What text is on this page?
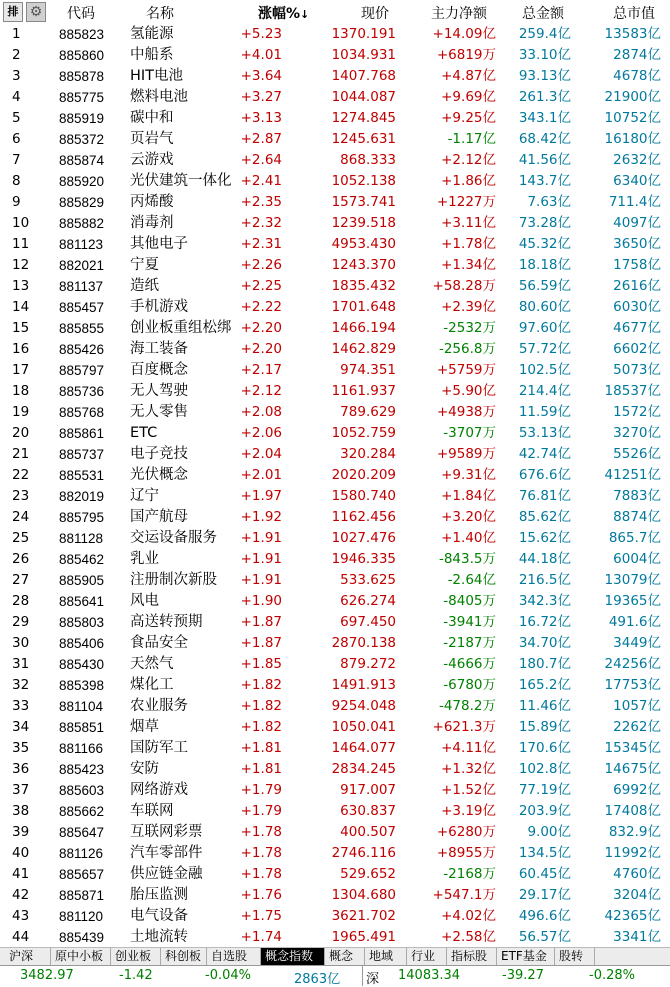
排 ⚙ 代码	名称	涨幅%↓	现价	主力净额	总金额	总市值
1	885823 氢能源	+5.23	1370.191	+14.09亿 259.4亿 13583亿
2	885860 中船系	+4.01	1034.931	+6819万 33.10亿	2874亿
3	885878 HIT电池	+3.64	1407.768	+4.87亿 93.13亿	4678亿
4	885775 燃料电池	+3.27	1044.087	+9.69亿 261.3亿 21900亿
5	885919 碳中和	+3.13	1274.845	+9.25亿 343.1亿 10752亿
6	885372 页岩气	+2.87	1245.631	-1.17亿 68.42亿 16180亿
7	885874 云游戏	+2.64	868.333	+2.12亿 41.56亿	2632亿
8	885920 光伏建筑一体化 +2.41	1052.138	+1.86亿 143.7亿	6340亿
9	885829 丙烯酸	+2.35	1573.741	+1227万 7.63亿	711.4亿
10 885882 消毒剂	+2.32	1239.518	+3.11亿 73.28亿	4097亿
11 881123 其他电子	+2.31	4953.430	+1.78亿 45.32亿	3650亿
12 882021 宁夏	+2.26	1243.370	+1.34亿 18.18亿	1758亿
13 881137 造纸	+2.25	1835.432	+58.28万 56.59亿	2616亿
14 885457 手机游戏	+2.22	1701.648	+2.39亿 80.60亿	6030亿
15 885855 创业板重组松绑 +2.20	1466.194	-2532万 97.60亿	4677亿
16 885426 海工装备	+2.20	1462.829	-256.8万 57.72亿	6602亿
17 885797 百度概念	+2.17	974.351	+5759万 102.5亿	5073亿
18 885736 无人驾驶	+2.12	1161.937	+5.90亿 214.4亿 18537亿
19 885768 无人零售	+2.08	789.629	+4938万 11.59亿	1572亿
20 885861 ETC	+2.06	1052.759	-3707万 53.13亿	3270亿
21 885737 电子竞技	+2.04	320.284	+9589万 42.74亿	5526亿
22 885531 光伏概念	+2.01	2020.209	+9.31亿 676.6亿 41251亿
23 882019 辽宁	+1.97	1580.740	+1.84亿 76.81亿	7883亿
24 885795 国产航母	+1.92	1162.456	+3.20亿 85.62亿	8874亿
25 881128 交运设备服务 +1.91	1027.476	+1.40亿 15.62亿	865.7亿
26 885462 乳业	+1.91	1946.335	-843.5万 44.18亿	6004亿
27 885905 注册制次新股 +1.91	533.625	-2.64亿 216.5亿 13079亿
28 885641 风电	+1.90	626.274	-8405万 342.3亿 19365亿
29 885803 高送转预期	+1.87	697.450	-3941万 16.72亿	491.6亿
30 885406 食品安全	+1.87	2870.138	-2187万 34.70亿	3449亿
31 885430 天然气	+1.85	879.272	-4666万 180.7亿 24256亿
32 885398 煤化工	+1.82	1491.913	-6780万 165.2亿 17753亿
33 881104 农业服务	+1.82	9254.048	-478.2万 11.46亿	1057亿
34 885851 烟草	+1.82	1050.041	+621.3万 15.89亿	2262亿
35 881166 国防军工	+1.81	1464.077	+4.11亿 170.6亿 15345亿
36 885423 安防	+1.81	2834.245	+1.32亿 102.8亿 14675亿
37 885603 网络游戏	+1.79	917.007	+1.52亿 77.19亿	6992亿
38 885662 车联网	+1.79	630.837	+3.19亿 203.9亿 17408亿
39 885647 互联网彩票	+1.78	400.507	+6280万 9.00亿	832.9亿
40 881126 汽车零部件	+1.78	2746.116	+8955万 134.5亿 11992亿
41 885657 供应链金融	+1.78	529.652	-2168万 60.45亿	4760亿
42 885871 胎压监测	+1.76	1304.680	+547.1万 29.17亿	3204亿
43 881120 电气设备	+1.75	3621.702	+4.02亿 496.6亿 42365亿
44 885439 土地流转	+1.74	1965.491	+2.58亿 56.57亿	3341亿
沪深	原中小板 创业板	科创板 自选股	概念指数	概念	地域	行业	指标股	ETF基金	股转
3482.97	-1.42	-0.04%	2863亿 深 14083.34	-39.27	-0.28%
